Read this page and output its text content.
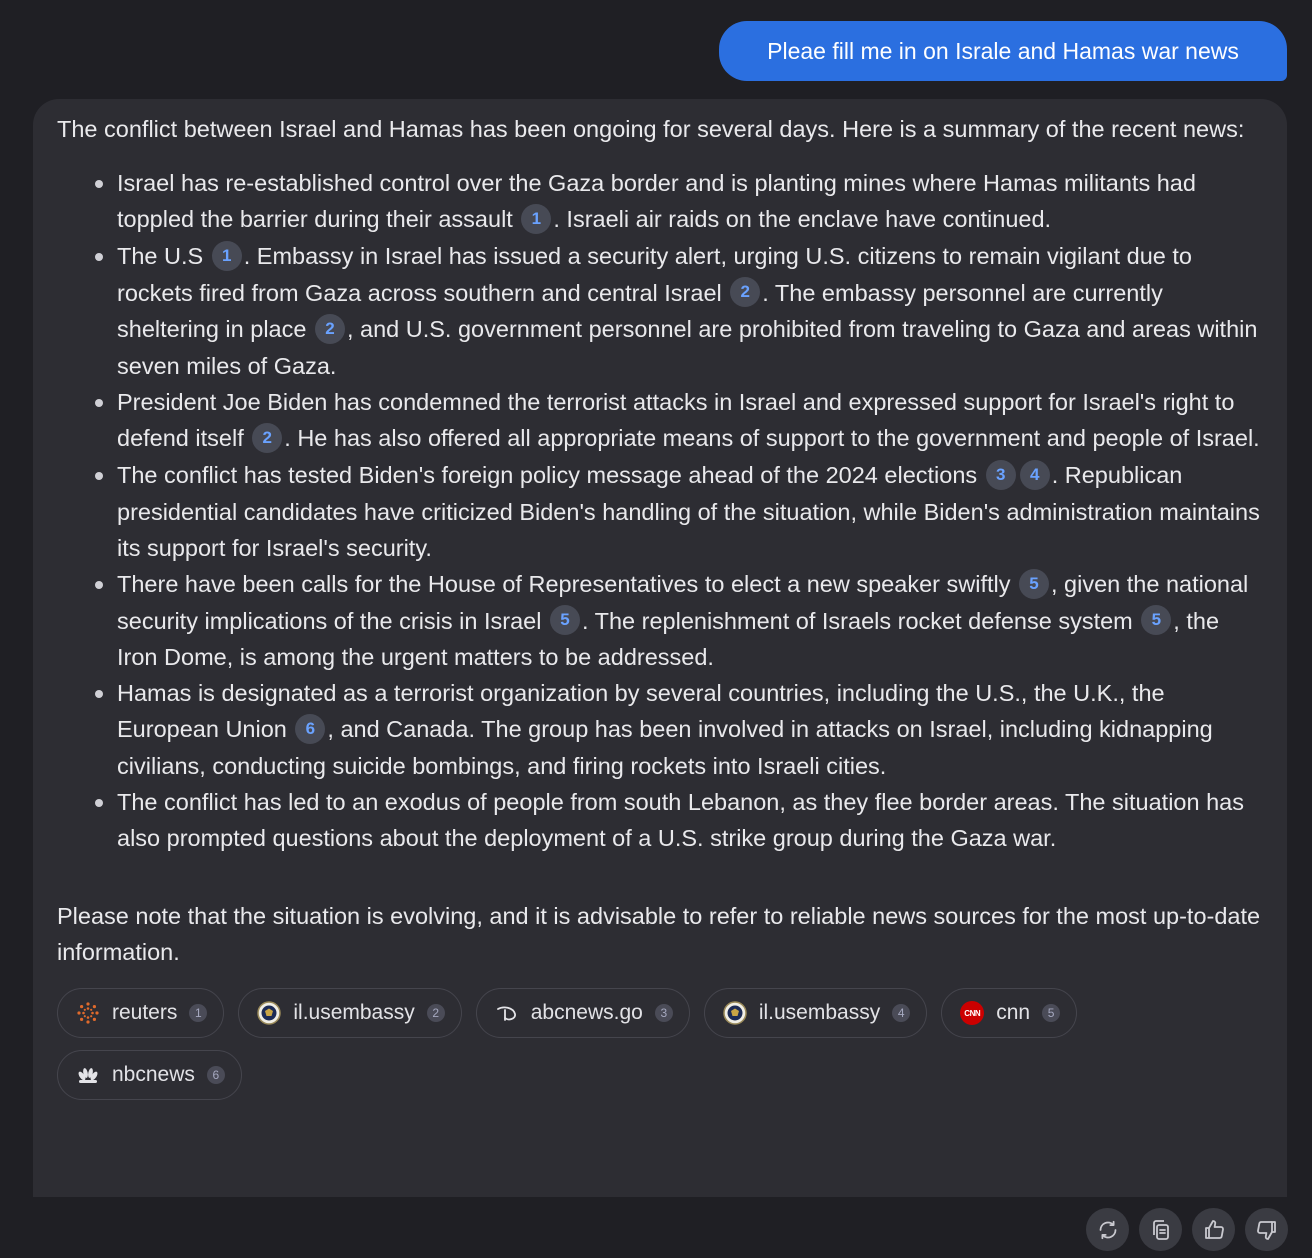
Pleae fill me in on Israle and Hamas war news

The conflict between Israel and Hamas has been ongoing for several days. Here is a summary of the recent news:

Israel has re-established control over the Gaza border and is planting mines where Hamas militants had toppled the barrier during their assault 1 . Israeli air raids on the enclave have continued.
The U.S 1 . Embassy in Israel has issued a security alert, urging U.S. citizens to remain vigilant due to rockets fired from Gaza across southern and central Israel 2 . The embassy personnel are currently sheltering in place 2 , and U.S. government personnel are prohibited from traveling to Gaza and areas within seven miles of Gaza.
President Joe Biden has condemned the terrorist attacks in Israel and expressed support for Israel's right to defend itself 2 . He has also offered all appropriate means of support to the government and people of Israel.
The conflict has tested Biden's foreign policy message ahead of the 2024 elections 3 4 . Republican presidential candidates have criticized Biden's handling of the situation, while Biden's administration maintains its support for Israel's security.
There have been calls for the House of Representatives to elect a new speaker swiftly 5 , given the national security implications of the crisis in Israel 5 . The replenishment of Israels rocket defense system 5 , the Iron Dome, is among the urgent matters to be addressed.
Hamas is designated as a terrorist organization by several countries, including the U.S., the U.K., the European Union 6 , and Canada. The group has been involved in attacks on Israel, including kidnapping civilians, conducting suicide bombings, and firing rockets into Israeli cities.
The conflict has led to an exodus of people from south Lebanon, as they flee border areas. The situation has also prompted questions about the deployment of a U.S. strike group during the Gaza war.

Please note that the situation is evolving, and it is advisable to refer to reliable news sources for the most up-to-date information.

reuters	1	il.usembassy	2	abcnews.go	3	il.usembassy	4	CNN cnn	5
nbcnews	6
